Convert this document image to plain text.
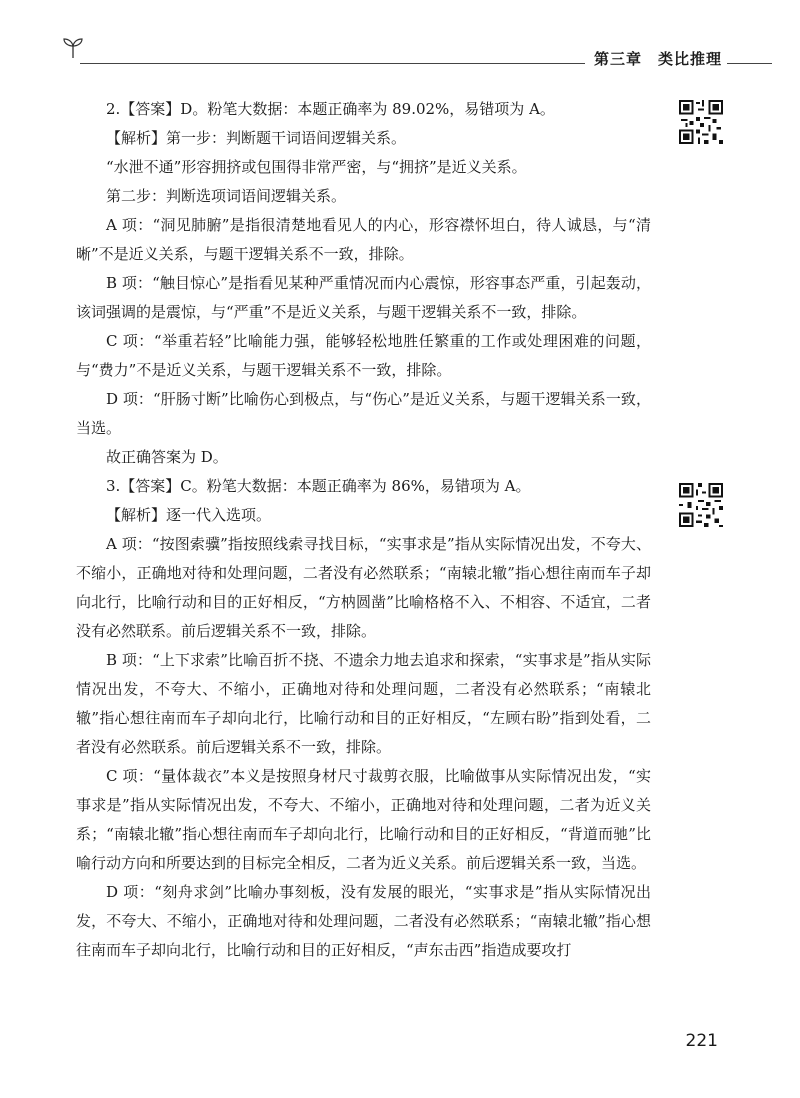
第三章 类比推理

2.【答案】D。粉笔大数据：本题正确率为 89.02%，易错项为 A。

【解析】第一步：判断题干词语间逻辑关系。

“水泄不通”形容拥挤或包围得非常严密，与“拥挤”是近义关系。

第二步：判断选项词语间逻辑关系。

A 项：“洞见肺腑”是指很清楚地看见人的内心，形容襟怀坦白，待人诚恳，与“清晰”不是近义关系，与题干逻辑关系不一致，排除。

B 项：“触目惊心”是指看见某种严重情况而内心震惊，形容事态严重，引起轰动，该词强调的是震惊，与“严重”不是近义关系，与题干逻辑关系不一致，排除。

C 项：“举重若轻”比喻能力强，能够轻松地胜任繁重的工作或处理困难的问题，与“费力”不是近义关系，与题干逻辑关系不一致，排除。

D 项：“肝肠寸断”比喻伤心到极点，与“伤心”是近义关系，与题干逻辑关系一致，当选。

故正确答案为 D。

3.【答案】C。粉笔大数据：本题正确率为 86%，易错项为 A。

【解析】逐一代入选项。

A 项：“按图索骥”指按照线索寻找目标，“实事求是”指从实际情况出发，不夸大、不缩小，正确地对待和处理问题，二者没有必然联系；“南辕北辙”指心想往南而车子却向北行，比喻行动和目的正好相反，“方枘圆凿”比喻格格不入、不相容、不适宜，二者没有必然联系。前后逻辑关系不一致，排除。

B 项：“上下求索”比喻百折不挠、不遗余力地去追求和探索，“实事求是”指从实际情况出发，不夸大、不缩小，正确地对待和处理问题，二者没有必然联系；“南辕北辙”指心想往南而车子却向北行，比喻行动和目的正好相反，“左顾右盼”指到处看，二者没有必然联系。前后逻辑关系不一致，排除。

C 项：“量体裁衣”本义是按照身材尺寸裁剪衣服，比喻做事从实际情况出发，“实事求是”指从实际情况出发，不夸大、不缩小，正确地对待和处理问题，二者为近义关系；“南辕北辙”指心想往南而车子却向北行，比喻行动和目的正好相反，“背道而驰”比喻行动方向和所要达到的目标完全相反，二者为近义关系。前后逻辑关系一致，当选。

D 项：“刻舟求剑”比喻办事刻板，没有发展的眼光，“实事求是”指从实际情况出发，不夸大、不缩小，正确地对待和处理问题，二者没有必然联系；“南辕北辙”指心想往南而车子却向北行，比喻行动和目的正好相反，“声东击西”指造成要攻打

221
